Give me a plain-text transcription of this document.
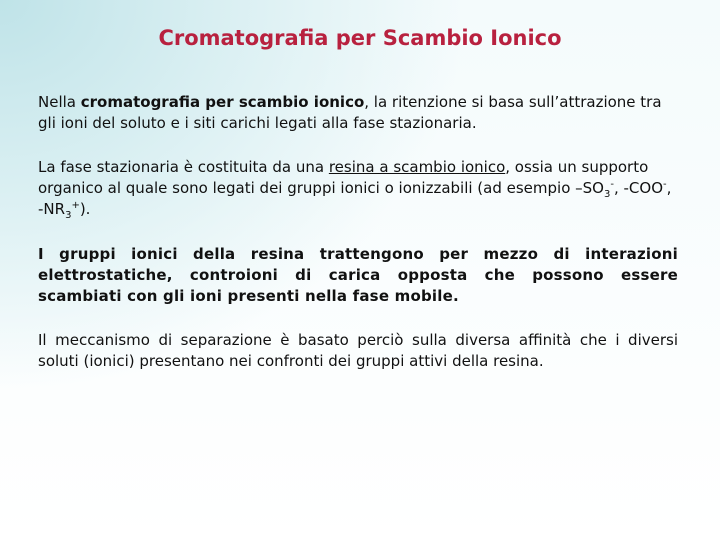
Cromatografia per Scambio Ionico
Nella cromatografia per scambio ionico, la ritenzione si basa sull’attrazione tra gli ioni del soluto e i siti carichi legati alla fase stazionaria.
La fase stazionaria è costituita da una resina a scambio ionico, ossia un supporto organico al quale sono legati dei gruppi ionici o ionizzabili (ad esempio $-SO_3^-$, -COO-, $-NR_3^+$).
I gruppi ionici della resina trattengono per mezzo di interazioni elettrostatiche, controioni di carica opposta che possono essere scambiati con gli ioni presenti nella fase mobile.
Il meccanismo di separazione è basato perciò sulla diversa affinità che i diversi soluti (ionici) presentano nei confronti dei gruppi attivi della resina.
